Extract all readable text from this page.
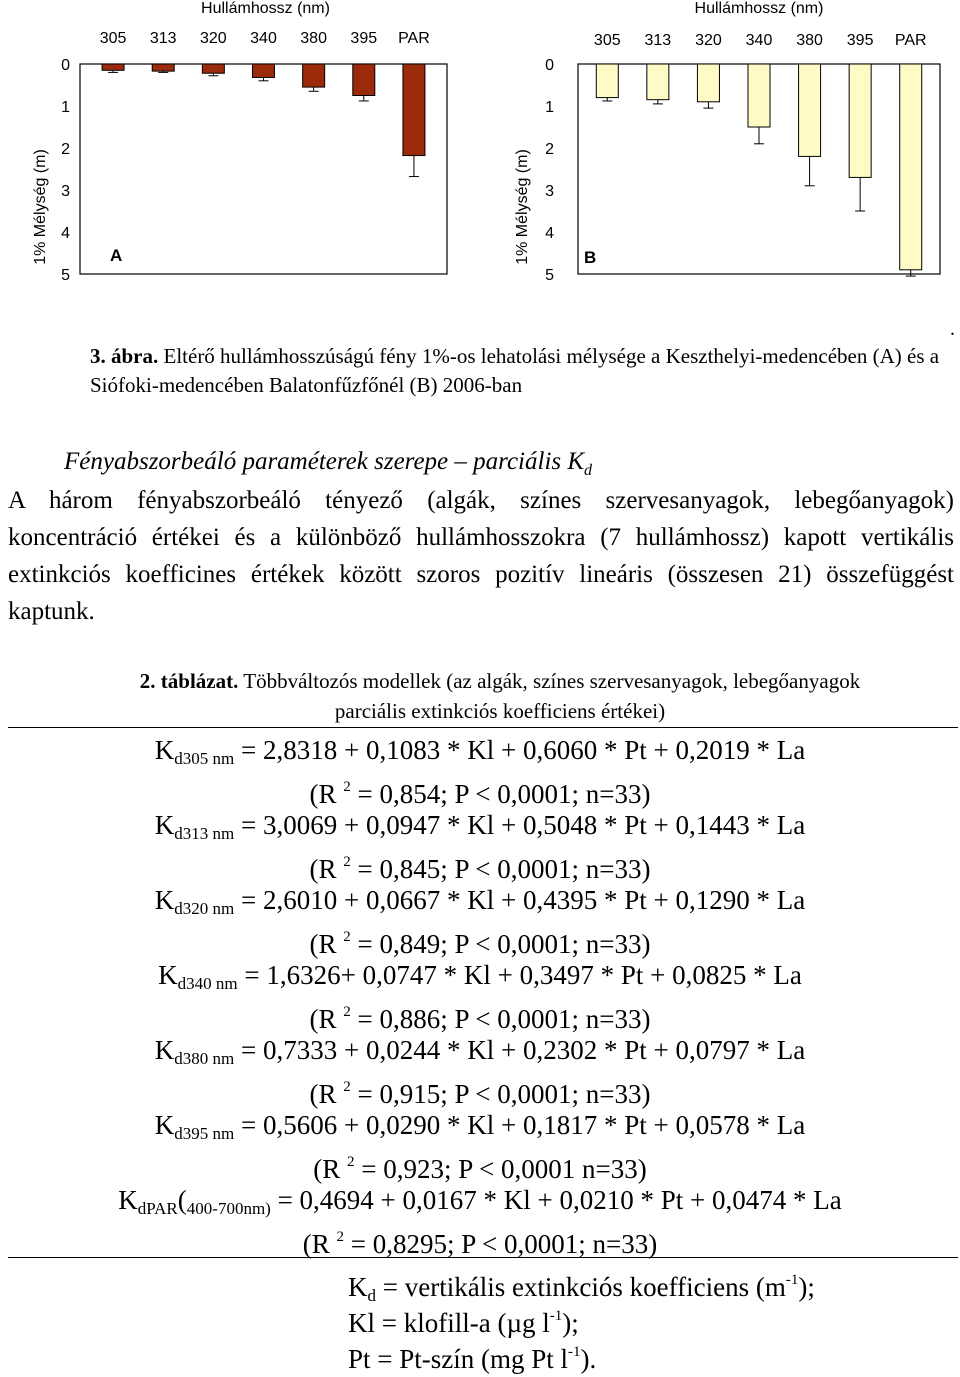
0
1
2
3
4
5
Hullámhossz (nm)
1% Mélység (m)	A
305 313 320 340 380 395 PAR
0
1
2
3
4
5
Hullámhossz (nm)
1% Mélység (m)	B
305 313 320 340 380 395 PAR
.
3. ábra. Eltérő hullámhosszúságú fény 1%-os lehatolási mélysége a Keszthelyi-medencében (A) és a Siófoki-medencében Balatonfűzfőnél (B) 2006-ban
Fényabszorbeáló paraméterek szerepe – parciális $K_d$
A három fényabszorbeáló tényező (algák, színes szervesanyagok, lebegőanyagok) koncentráció értékei és a különböző hullámhosszokra (7 hullámhossz) kapott vertikális extinkciós koefficines értékek között szoros pozitív lineáris (összesen 21) összefüggést kaptunk.
2. táblázat. Többváltozós modellek (az algák, színes szervesanyagok, lebegőanyagok parciális extinkciós koefficiens értékei)
$K_{d305 nm} = 2,8318 + 0,1083 * Kl + 0,6060 * Pt + 0,2019 * La$
(R $^2$ = 0,854; P < 0,0001; n=33)
$K_{d313 nm} = 3,0069 + 0,0947 * Kl + 0,5048 * Pt + 0,1443 * La$
(R $^2$ = 0,845; P < 0,0001; n=33)
$K_{d320 nm} = 2,6010 + 0,0667 * Kl + 0,4395 * Pt + 0,1290 * La$
(R $^2$ = 0,849; P < 0,0001; n=33)
$K_{d340 nm} = 1,6326+ 0,0747 * Kl + 0,3497 * Pt + 0,0825 * La$
(R $^2$ = 0,886; P < 0,0001; n=33)
$K_{d380 nm} = 0,7333 + 0,0244 * Kl + 0,2302 * Pt + 0,0797 * La$
(R $^2$ = 0,915; P < 0,0001; n=33)
$K_{d395 nm} = 0,5606 + 0,0290 * Kl + 0,1817 * Pt + 0,0578 * La$
(R $^2$ = 0,923; P < 0,0001 n=33)
$K_{dPAR}(_{400-700nm)} = 0,4694 + 0,0167 * Kl + 0,0210 * Pt + 0,0474 * La$
(R $^2$ = 0,8295; P < 0,0001; n=33)
$K_d$ = vertikális extinkciós koefficiens $(m^{-1})$;
Kl = klofill-a (µg $l^{-1}$);
Pt = Pt-szín (mg Pt $l^{-1}$).
